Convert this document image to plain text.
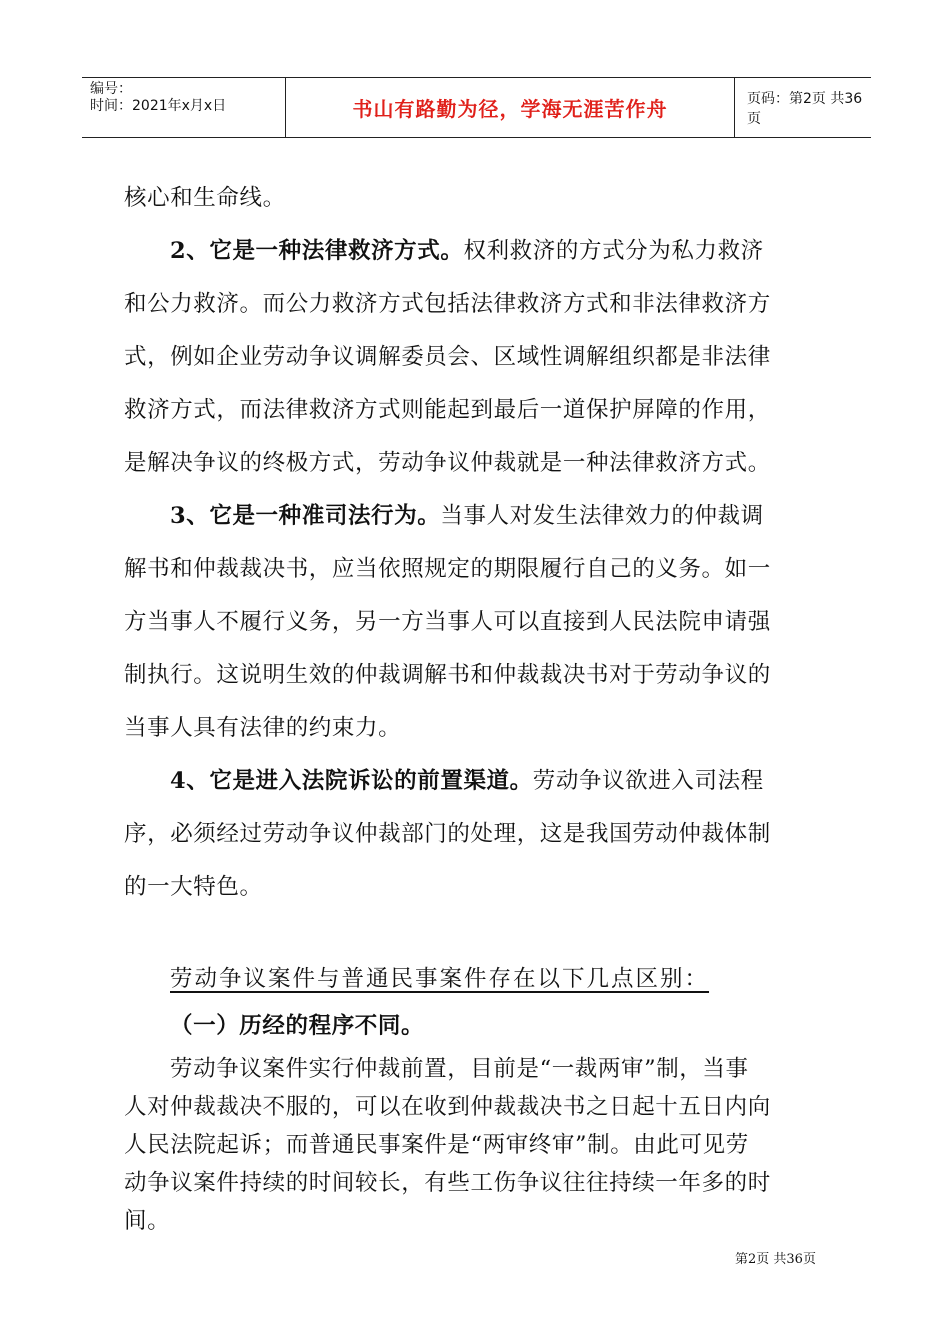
编号：
时间：2021年x月x日	书山有路勤为径，学海无涯苦作舟	页码：第2页 共36页
核心和生命线。
2、它是一种法律救济方式。权利救济的方式分为私力救济
和公力救济。而公力救济方式包括法律救济方式和非法律救济方
式，例如企业劳动争议调解委员会、区域性调解组织都是非法律
救济方式，而法律救济方式则能起到最后一道保护屏障的作用，
是解决争议的终极方式，劳动争议仲裁就是一种法律救济方式。
3、它是一种准司法行为。当事人对发生法律效力的仲裁调
解书和仲裁裁决书，应当依照规定的期限履行自己的义务。如一
方当事人不履行义务，另一方当事人可以直接到人民法院申请强
制执行。这说明生效的仲裁调解书和仲裁裁决书对于劳动争议的
当事人具有法律的约束力。
4、它是进入法院诉讼的前置渠道。劳动争议欲进入司法程
序，必须经过劳动争议仲裁部门的处理，这是我国劳动仲裁体制
的一大特色。
劳动争议案件与普通民事案件存在以下几点区别：
（一）历经的程序不同。
劳动争议案件实行仲裁前置，目前是“一裁两审”制，当事
人对仲裁裁决不服的，可以在收到仲裁裁决书之日起十五日内向
人民法院起诉；而普通民事案件是“两审终审”制。由此可见劳
动争议案件持续的时间较长，有些工伤争议往往持续一年多的时
间。
第2页 共36页
